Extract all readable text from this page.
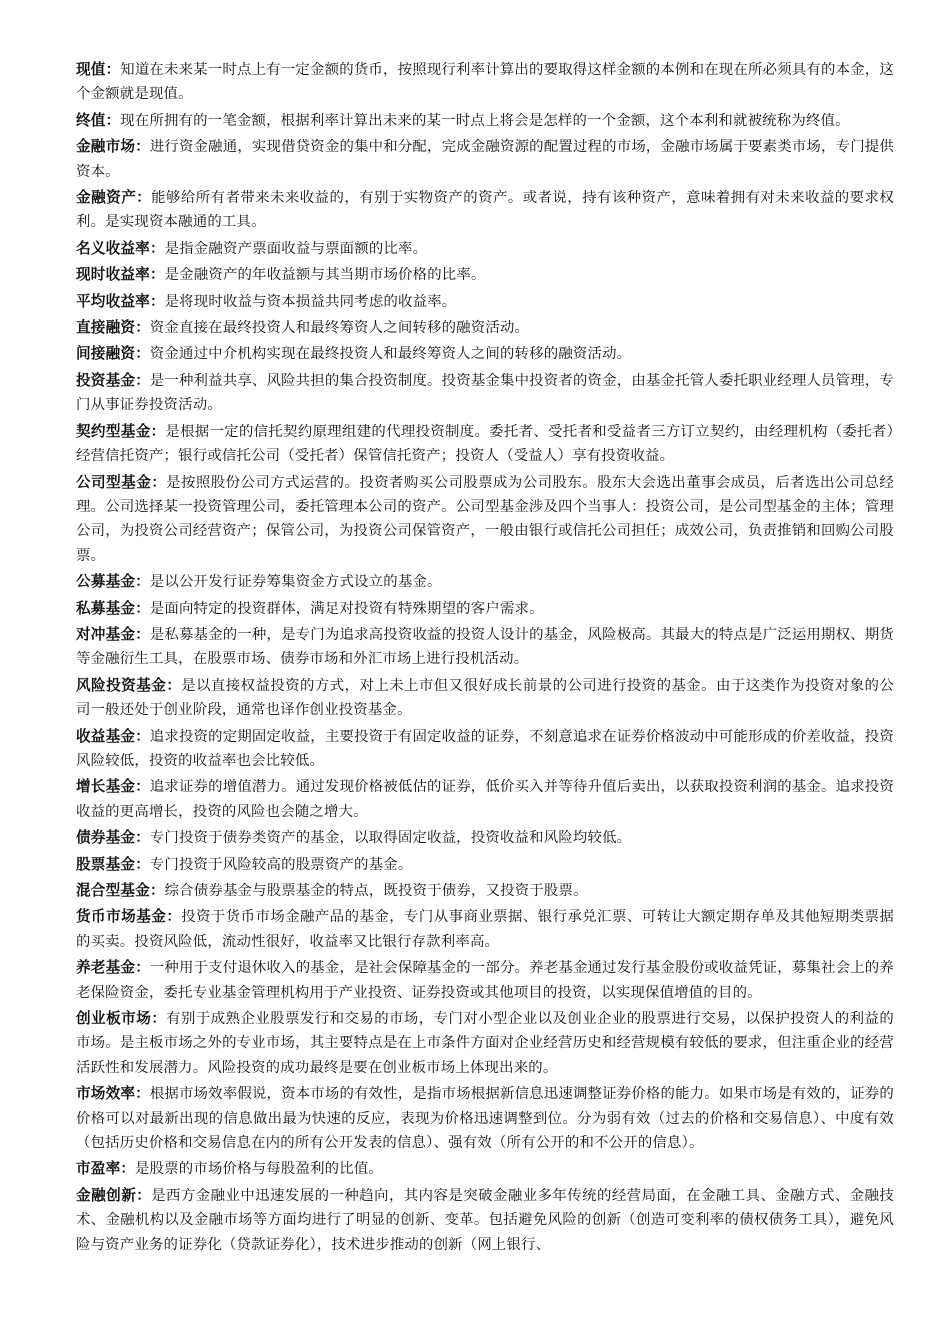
现值：知道在未来某一时点上有一定金额的货币，按照现行利率计算出的要取得这样金额的本例和在现在所必须具有的本金，这个金额就是现值。

终值：现在所拥有的一笔金额，根据利率计算出未来的某一时点上将会是怎样的一个金额，这个本利和就被统称为终值。

金融市场：进行资金融通，实现借贷资金的集中和分配，完成金融资源的配置过程的市场，金融市场属于要素类市场，专门提供资本。

金融资产：能够给所有者带来未来收益的，有别于实物资产的资产。或者说，持有该种资产，意味着拥有对未来收益的要求权利。是实现资本融通的工具。

名义收益率：是指金融资产票面收益与票面额的比率。

现时收益率：是金融资产的年收益额与其当期市场价格的比率。

平均收益率：是将现时收益与资本损益共同考虑的收益率。

直接融资：资金直接在最终投资人和最终筹资人之间转移的融资活动。

间接融资：资金通过中介机构实现在最终投资人和最终筹资人之间的转移的融资活动。

投资基金：是一种利益共享、风险共担的集合投资制度。投资基金集中投资者的资金，由基金托管人委托职业经理人员管理，专门从事证券投资活动。

契约型基金：是根据一定的信托契约原理组建的代理投资制度。委托者、受托者和受益者三方订立契约，由经理机构（委托者）经营信托资产；银行或信托公司（受托者）保管信托资产；投资人（受益人）享有投资收益。

公司型基金：是按照股份公司方式运营的。投资者购买公司股票成为公司股东。股东大会选出董事会成员，后者选出公司总经理。公司选择某一投资管理公司，委托管理本公司的资产。公司型基金涉及四个当事人：投资公司，是公司型基金的主体；管理公司，为投资公司经营资产；保管公司，为投资公司保管资产，一般由银行或信托公司担任；成效公司，负责推销和回购公司股票。

公募基金：是以公开发行证券筹集资金方式设立的基金。

私募基金：是面向特定的投资群体，满足对投资有特殊期望的客户需求。

对冲基金：是私募基金的一种，是专门为追求高投资收益的投资人设计的基金，风险极高。其最大的特点是广泛运用期权、期货等金融衍生工具，在股票市场、债券市场和外汇市场上进行投机活动。

风险投资基金：是以直接权益投资的方式，对上未上市但又很好成长前景的公司进行投资的基金。由于这类作为投资对象的公司一般还处于创业阶段，通常也译作创业投资基金。

收益基金：追求投资的定期固定收益，主要投资于有固定收益的证券，不刻意追求在证券价格波动中可能形成的价差收益，投资风险较低，投资的收益率也会比较低。

增长基金：追求证券的增值潜力。通过发现价格被低估的证券，低价买入并等待升值后卖出，以获取投资利润的基金。追求投资收益的更高增长，投资的风险也会随之增大。

债券基金：专门投资于债券类资产的基金，以取得固定收益，投资收益和风险均较低。

股票基金：专门投资于风险较高的股票资产的基金。

混合型基金：综合债券基金与股票基金的特点，既投资于债券，又投资于股票。

货币市场基金：投资于货币市场金融产品的基金，专门从事商业票据、银行承兑汇票、可转让大额定期存单及其他短期类票据的买卖。投资风险低，流动性很好，收益率又比银行存款利率高。

养老基金：一种用于支付退休收入的基金，是社会保障基金的一部分。养老基金通过发行基金股份或收益凭证，募集社会上的养老保险资金，委托专业基金管理机构用于产业投资、证券投资或其他项目的投资，以实现保值增值的目的。

创业板市场：有别于成熟企业股票发行和交易的市场，专门对小型企业以及创业企业的股票进行交易，以保护投资人的利益的市场。是主板市场之外的专业市场，其主要特点是在上市条件方面对企业经营历史和经营规模有较低的要求，但注重企业的经营活跃性和发展潜力。风险投资的成功最终是要在创业板市场上体现出来的。

市场效率：根据市场效率假说，资本市场的有效性，是指市场根据新信息迅速调整证券价格的能力。如果市场是有效的，证券的价格可以对最新出现的信息做出最为快速的反应，表现为价格迅速调整到位。分为弱有效（过去的价格和交易信息）、中度有效（包括历史价格和交易信息在内的所有公开发表的信息）、强有效（所有公开的和不公开的信息）。

市盈率：是股票的市场价格与每股盈利的比值。

金融创新：是西方金融业中迅速发展的一种趋向，其内容是突破金融业多年传统的经营局面，在金融工具、金融方式、金融技术、金融机构以及金融市场等方面均进行了明显的创新、变革。包括避免风险的创新（创造可变利率的债权债务工具），避免风险与资产业务的证券化（贷款证券化），技术进步推动的创新（网上银行、
